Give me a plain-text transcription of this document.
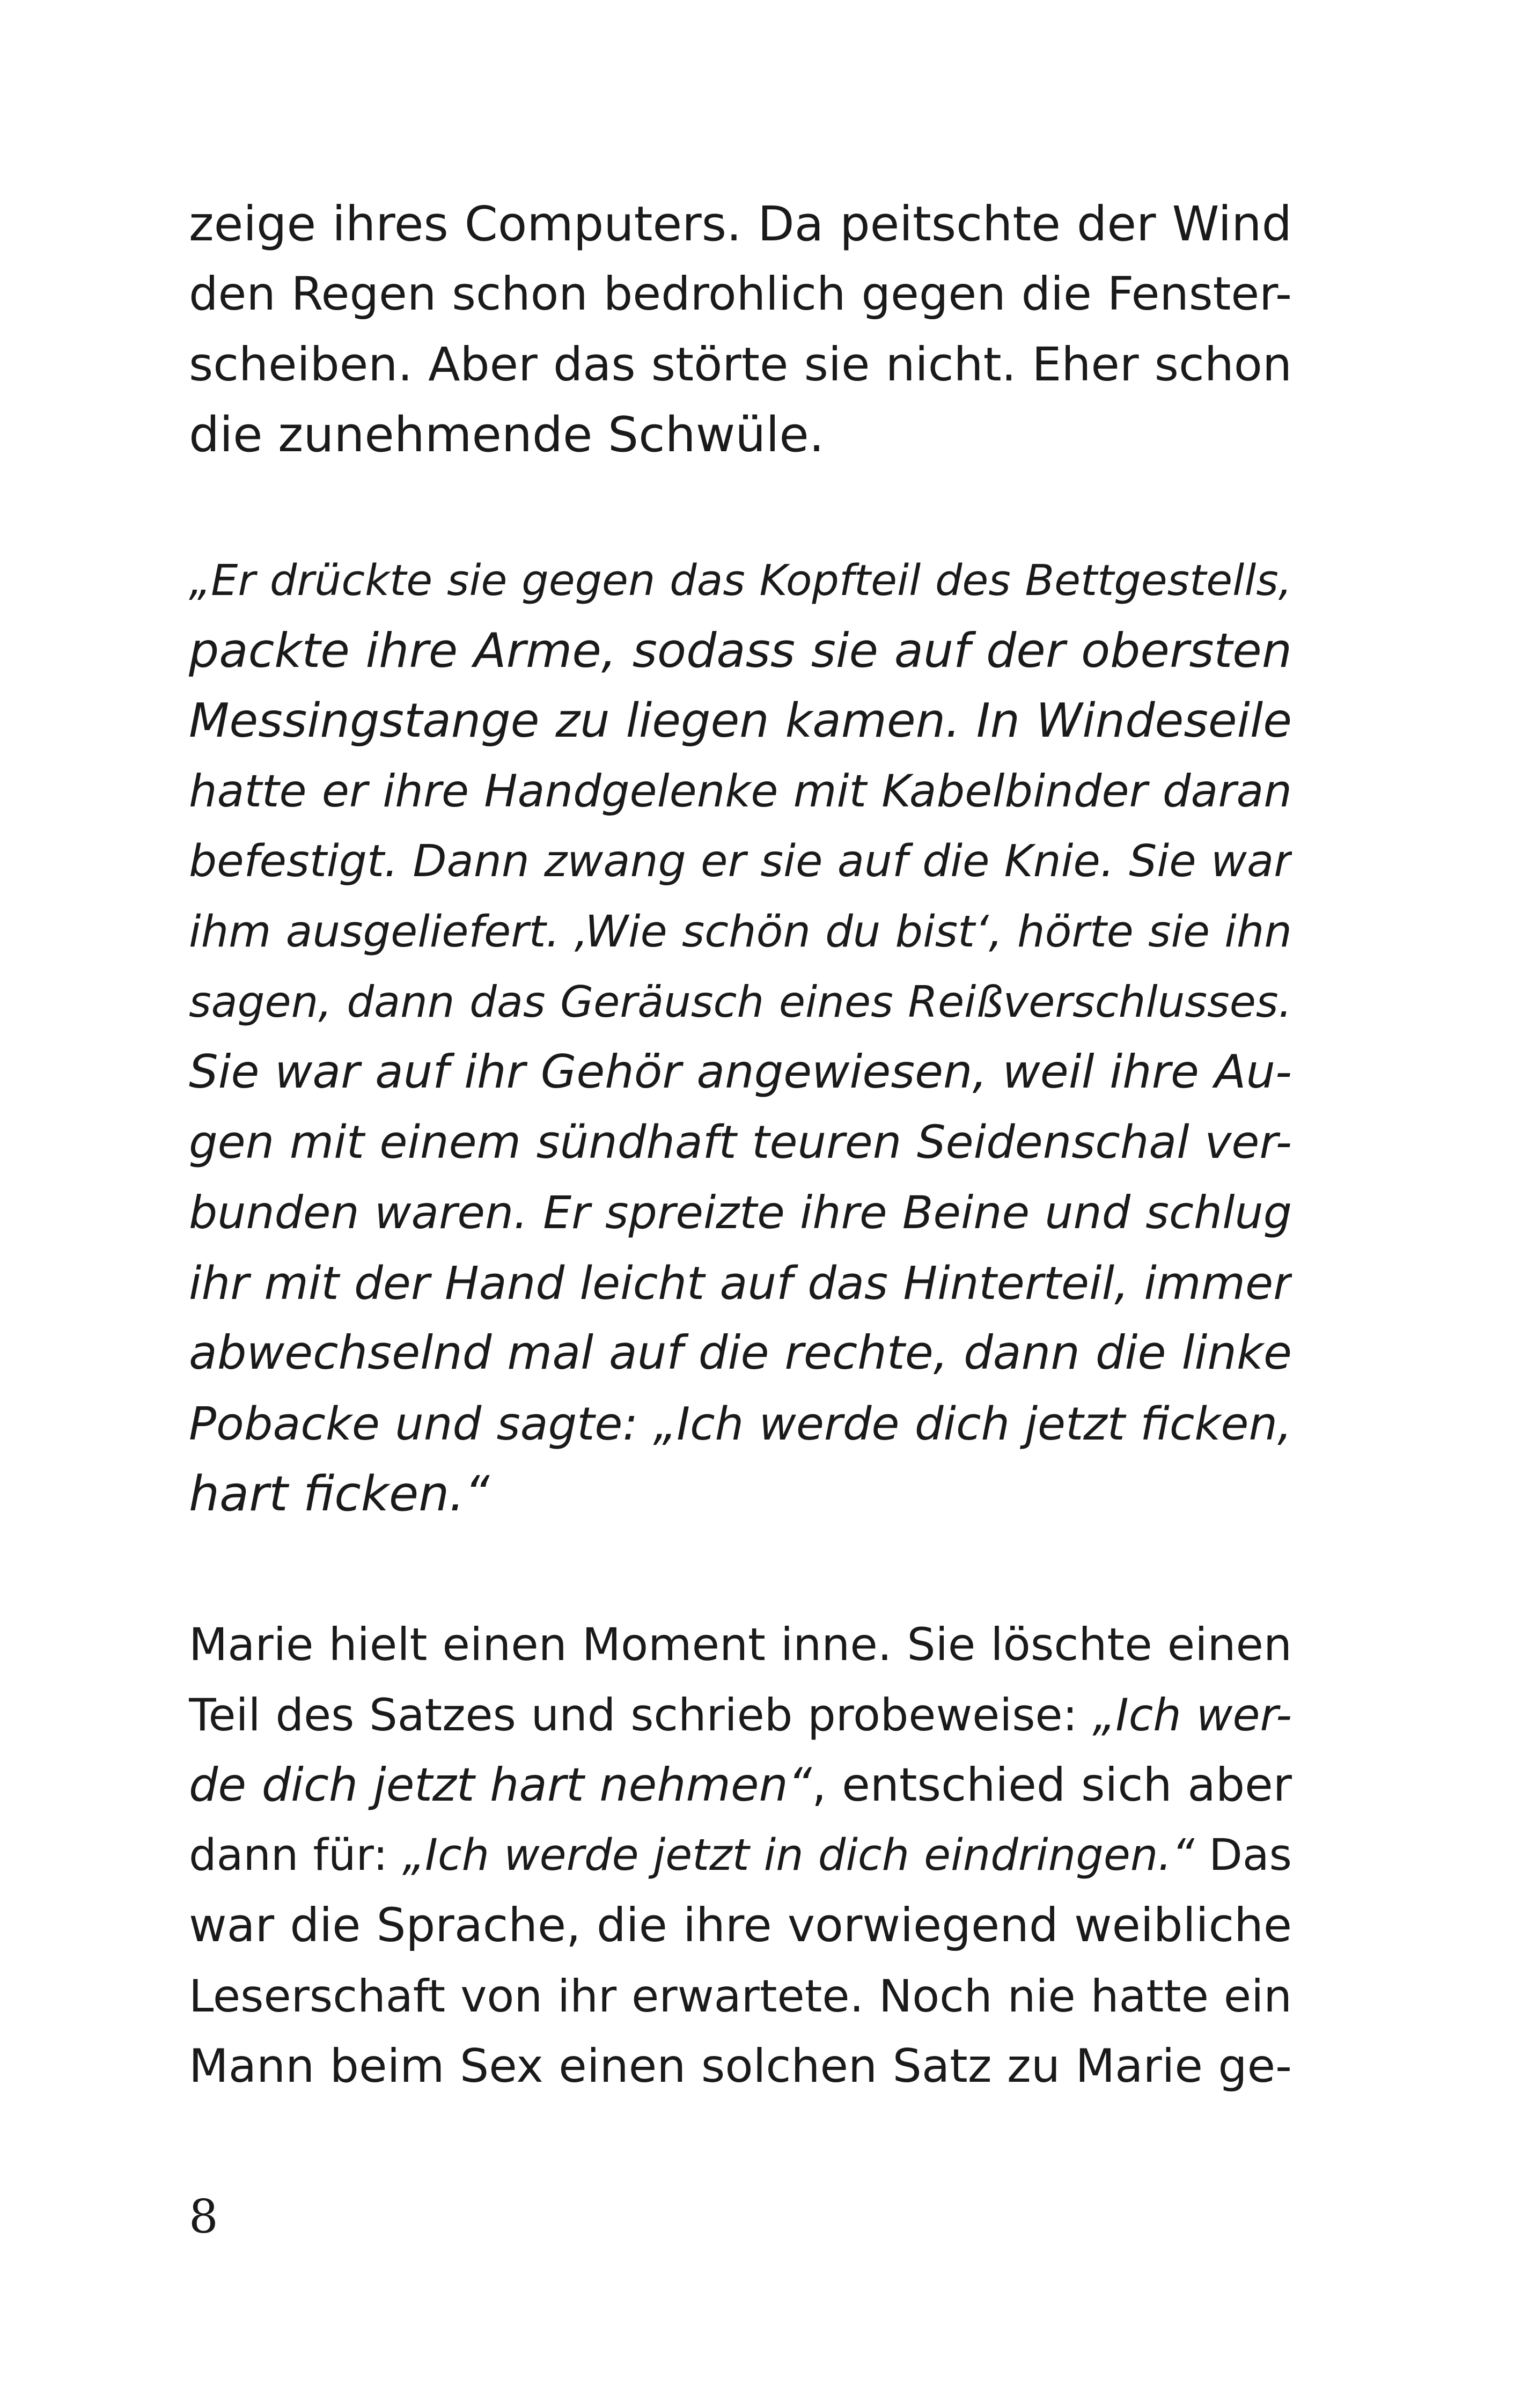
zeige ihres Computers. Da peitschte der Wind
den Regen schon bedrohlich gegen die Fenster-
scheiben. Aber das störte sie nicht. Eher schon
die zunehmende Schwüle.
„Er drückte sie gegen das Kopfteil des Bettgestells,
packte ihre Arme, sodass sie auf der obersten
Messingstange zu liegen kamen. In Windeseile
hatte er ihre Handgelenke mit Kabelbinder daran
befestigt. Dann zwang er sie auf die Knie. Sie war
ihm ausgeliefert. ‚Wie schön du bist‘, hörte sie ihn
sagen, dann das Geräusch eines Reißverschlusses.
Sie war auf ihr Gehör angewiesen, weil ihre Au-
gen mit einem sündhaft teuren Seidenschal ver-
bunden waren. Er spreizte ihre Beine und schlug
ihr mit der Hand leicht auf das Hinterteil, immer
abwechselnd mal auf die rechte, dann die linke
Pobacke und sagte: „Ich werde dich jetzt ficken,
hart ficken.“
Marie hielt einen Moment inne. Sie löschte einen
Teil des Satzes und schrieb probeweise: „Ich wer-
de dich jetzt hart nehmen“, entschied sich aber
dann für: „Ich werde jetzt in dich eindringen.“ Das
war die Sprache, die ihre vorwiegend weibliche
Leserschaft von ihr erwartete. Noch nie hatte ein
Mann beim Sex einen solchen Satz zu Marie ge-
8
